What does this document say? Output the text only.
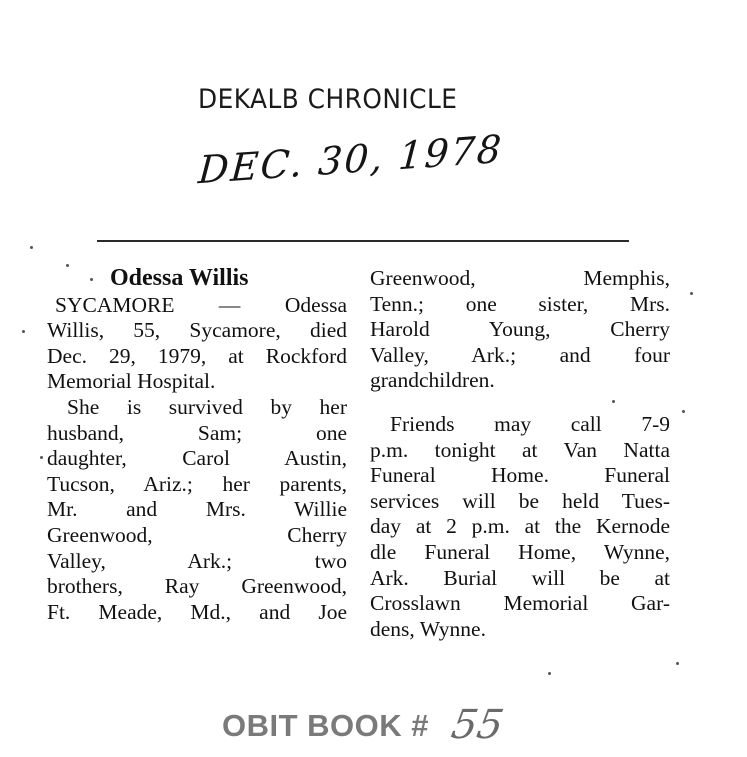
DEKALB CHRONICLE
DEC. 30, 1978
Odessa Willis
SYCAMORE — Odessa
Willis, 55, Sycamore, died
Dec. 29, 1979, at Rockford
Memorial Hospital.
She is survived by her
husband, Sam; one
daughter, Carol Austin,
Tucson, Ariz.; her parents,
Mr. and Mrs. Willie
Greenwood, Cherry
Valley, Ark.; two
brothers, Ray Greenwood,
Ft. Meade, Md., and Joe
Greenwood, Memphis,
Tenn.; one sister, Mrs.
Harold Young, Cherry
Valley, Ark.; and four
grandchildren.
Friends may call 7-9
p.m. tonight at Van Natta
Funeral Home. Funeral
services will be held Tues-
day at 2 p.m. at the Kernode
dle Funeral Home, Wynne,
Ark. Burial will be at
Crosslawn Memorial Gar-
dens, Wynne.
OBIT BOOK # 55
